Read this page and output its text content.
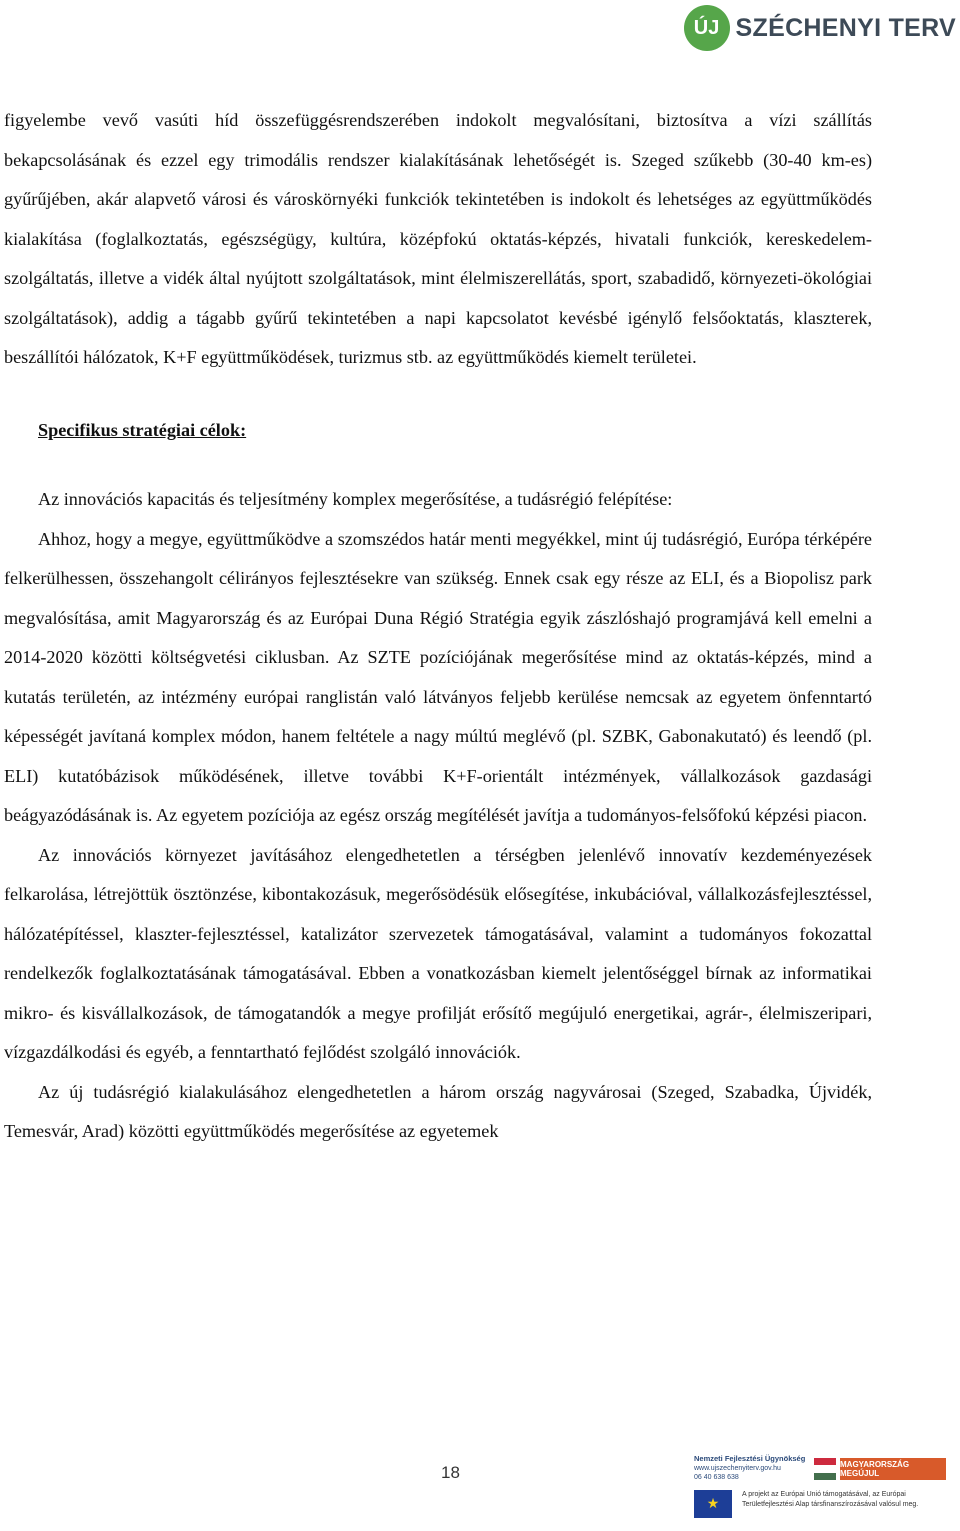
ÚJ SZÉCHENYI TERV

figyelembe vevő vasúti híd összefüggésrendszerében indokolt megvalósítani, biztosítva a vízi szállítás bekapcsolásának és ezzel egy trimodális rendszer kialakításának lehetőségét is. Szeged szűkebb (30-40 km-es) gyűrűjében, akár alapvető városi és városkörnyéki funkciók tekintetében is indokolt és lehetséges az együttműködés kialakítása (foglalkoztatás, egészségügy, kultúra, középfokú oktatás-képzés, hivatali funkciók, kereskedelem-szolgáltatás, illetve a vidék által nyújtott szolgáltatások, mint élelmiszerellátás, sport, szabadidő, környezeti-ökológiai szolgáltatások), addig a tágabb gyűrű tekintetében a napi kapcsolatot kevésbé igénylő felsőoktatás, klaszterek, beszállítói hálózatok, K+F együttműködések, turizmus stb. az együttműködés kiemelt területei.

Specifikus stratégiai célok:

Az innovációs kapacitás és teljesítmény komplex megerősítése, a tudásrégió felépítése:

Ahhoz, hogy a megye, együttműködve a szomszédos határ menti megyékkel, mint új tudásrégió, Európa térképére felkerülhessen, összehangolt célirányos fejlesztésekre van szükség. Ennek csak egy része az ELI, és a Biopolisz park megvalósítása, amit Magyarország és az Európai Duna Régió Stratégia egyik zászlóshajó programjává kell emelni a 2014-2020 közötti költségvetési ciklusban. Az SZTE pozíciójának megerősítése mind az oktatás-képzés, mind a kutatás területén, az intézmény európai ranglistán való látványos feljebb kerülése nemcsak az egyetem önfenntartó képességét javítaná komplex módon, hanem feltétele a nagy múltú meglévő (pl. SZBK, Gabonakutató) és leendő (pl. ELI) kutatóbázisok működésének, illetve további K+F-orientált intézmények, vállalkozások gazdasági beágyazódásának is. Az egyetem pozíciója az egész ország megítélését javítja a tudományos-felsőfokú képzési piacon.

Az innovációs környezet javításához elengedhetetlen a térségben jelenlévő innovatív kezdeményezések felkarolása, létrejöttük ösztönzése, kibontakozásuk, megerősödésük elősegítése, inkubációval, vállalkozásfejlesztéssel, hálózatépítéssel, klaszter-fejlesztéssel, katalizátor szervezetek támogatásával, valamint a tudományos fokozattal rendelkezők foglalkoztatásának támogatásával. Ebben a vonatkozásban kiemelt jelentőséggel bírnak az informatikai mikro- és kisvállalkozások, de támogatandók a megye profilját erősítő megújuló energetikai, agrár-, élelmiszeripari, vízgazdálkodási és egyéb, a fenntartható fejlődést szolgáló innovációk.

Az új tudásrégió kialakulásához elengedhetetlen a három ország nagyvárosai (Szeged, Szabadka, Újvidék, Temesvár, Arad) közötti együttműködés megerősítése az egyetemek

18
Nemzeti Fejlesztési Ügynökség
www.ujszechenyiterv.gov.hu
06 40 638 638
MAGYARORSZÁG MEGÚJUL
★
A projekt az Európai Unió támogatásával, az Európai Területfejlesztési Alap társfinanszírozásával valósul meg.
